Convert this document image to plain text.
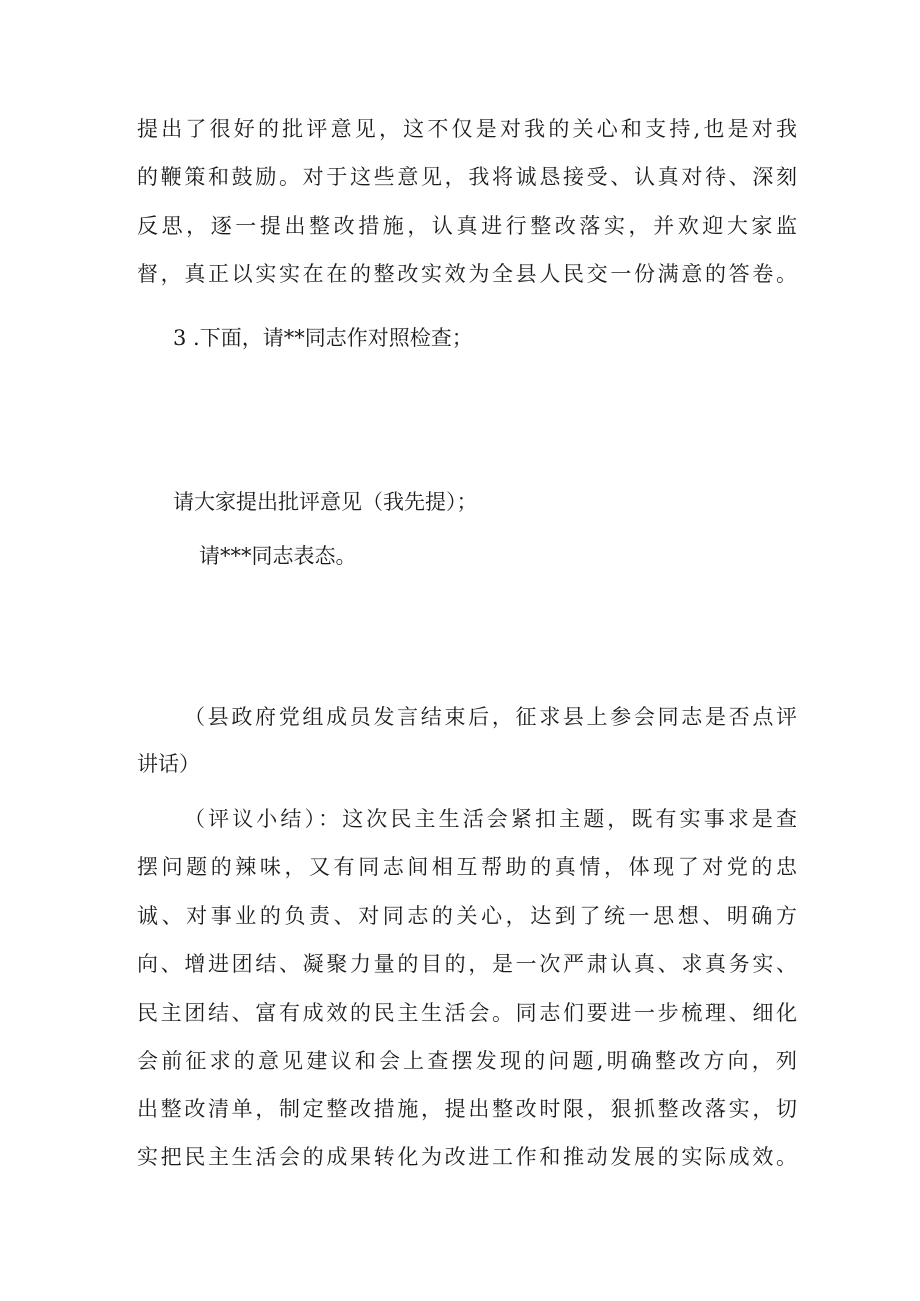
提出了很好的批评意见，这不仅是对我的关心和支持,也是对我
的鞭策和鼓励。对于这些意见，我将诚恳接受、认真对待、深刻
反思，逐一提出整改措施，认真进行整改落实，并欢迎大家监
督，真正以实实在在的整改实效为全县人民交一份满意的答卷。
3 .下面，请**同志作对照检查；
请大家提出批评意见（我先提）；
请***同志表态。
（县政府党组成员发言结束后，征求县上参会同志是否点评
讲话）
（评议小结）：这次民主生活会紧扣主题，既有实事求是查
摆问题的辣味，又有同志间相互帮助的真情，体现了对党的忠
诚、对事业的负责、对同志的关心，达到了统一思想、明确方
向、增进团结、凝聚力量的目的，是一次严肃认真、求真务实、
民主团结、富有成效的民主生活会。同志们要进一步梳理、细化
会前征求的意见建议和会上查摆发现的问题,明确整改方向，列
出整改清单，制定整改措施，提出整改时限，狠抓整改落实，切
实把民主生活会的成果转化为改进工作和推动发展的实际成效。
